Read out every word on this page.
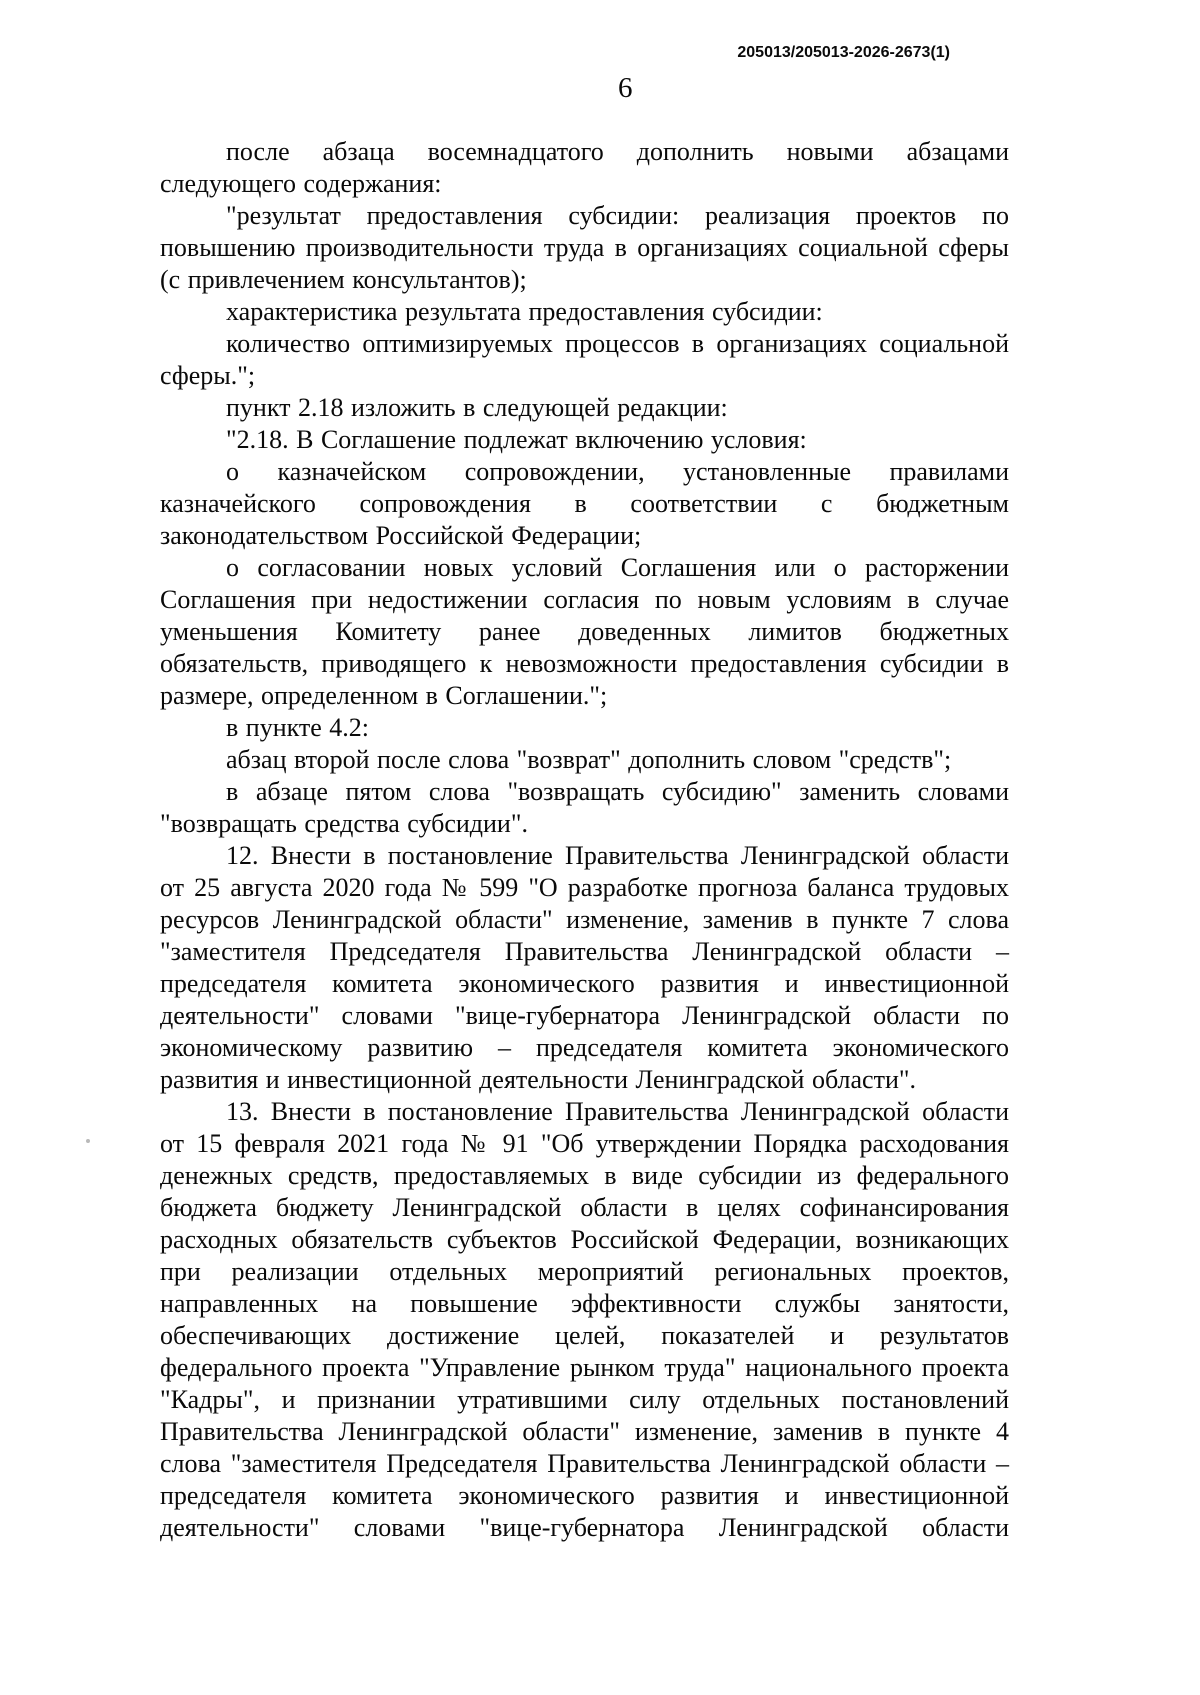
205013/205013-2026-2673(1)
6

после абзаца восемнадцатого дополнить новыми абзацами следующего содержания:

"результат предоставления субсидии: реализация проектов по повышению производительности труда в организациях социальной сферы (с привлечением консультантов);

характеристика результата предоставления субсидии:

количество оптимизируемых процессов в организациях социальной сферы.";

пункт 2.18 изложить в следующей редакции:

"2.18. В Соглашение подлежат включению условия:

о казначейском сопровождении, установленные правилами казначейского сопровождения в соответствии с бюджетным законодательством Российской Федерации;

о согласовании новых условий Соглашения или о расторжении Соглашения при недостижении согласия по новым условиям в случае уменьшения Комитету ранее доведенных лимитов бюджетных обязательств, приводящего к невозможности предоставления субсидии в размере, определенном в Соглашении.";

в пункте 4.2:

абзац второй после слова "возврат" дополнить словом "средств";

в абзаце пятом слова "возвращать субсидию" заменить словами "возвращать средства субсидии".

12. Внести в постановление Правительства Ленинградской области от 25 августа 2020 года № 599 "О разработке прогноза баланса трудовых ресурсов Ленинградской области" изменение, заменив в пункте 7 слова "заместителя Председателя Правительства Ленинградской области – председателя комитета экономического развития и инвестиционной деятельности" словами "вице-губернатора Ленинградской области по экономическому развитию – председателя комитета экономического развития и инвестиционной деятельности Ленинградской области".

13. Внести в постановление Правительства Ленинградской области от 15 февраля 2021 года № 91 "Об утверждении Порядка расходования денежных средств, предоставляемых в виде субсидии из федерального бюджета бюджету Ленинградской области в целях софинансирования расходных обязательств субъектов Российской Федерации, возникающих при реализации отдельных мероприятий региональных проектов, направленных на повышение эффективности службы занятости, обеспечивающих достижение целей, показателей и результатов федерального проекта "Управление рынком труда" национального проекта "Кадры", и признании утратившими силу отдельных постановлений Правительства Ленинградской области" изменение, заменив в пункте 4 слова "заместителя Председателя Правительства Ленинградской области – председателя комитета экономического развития и инвестиционной деятельности" словами "вице-губернатора Ленинградской области
